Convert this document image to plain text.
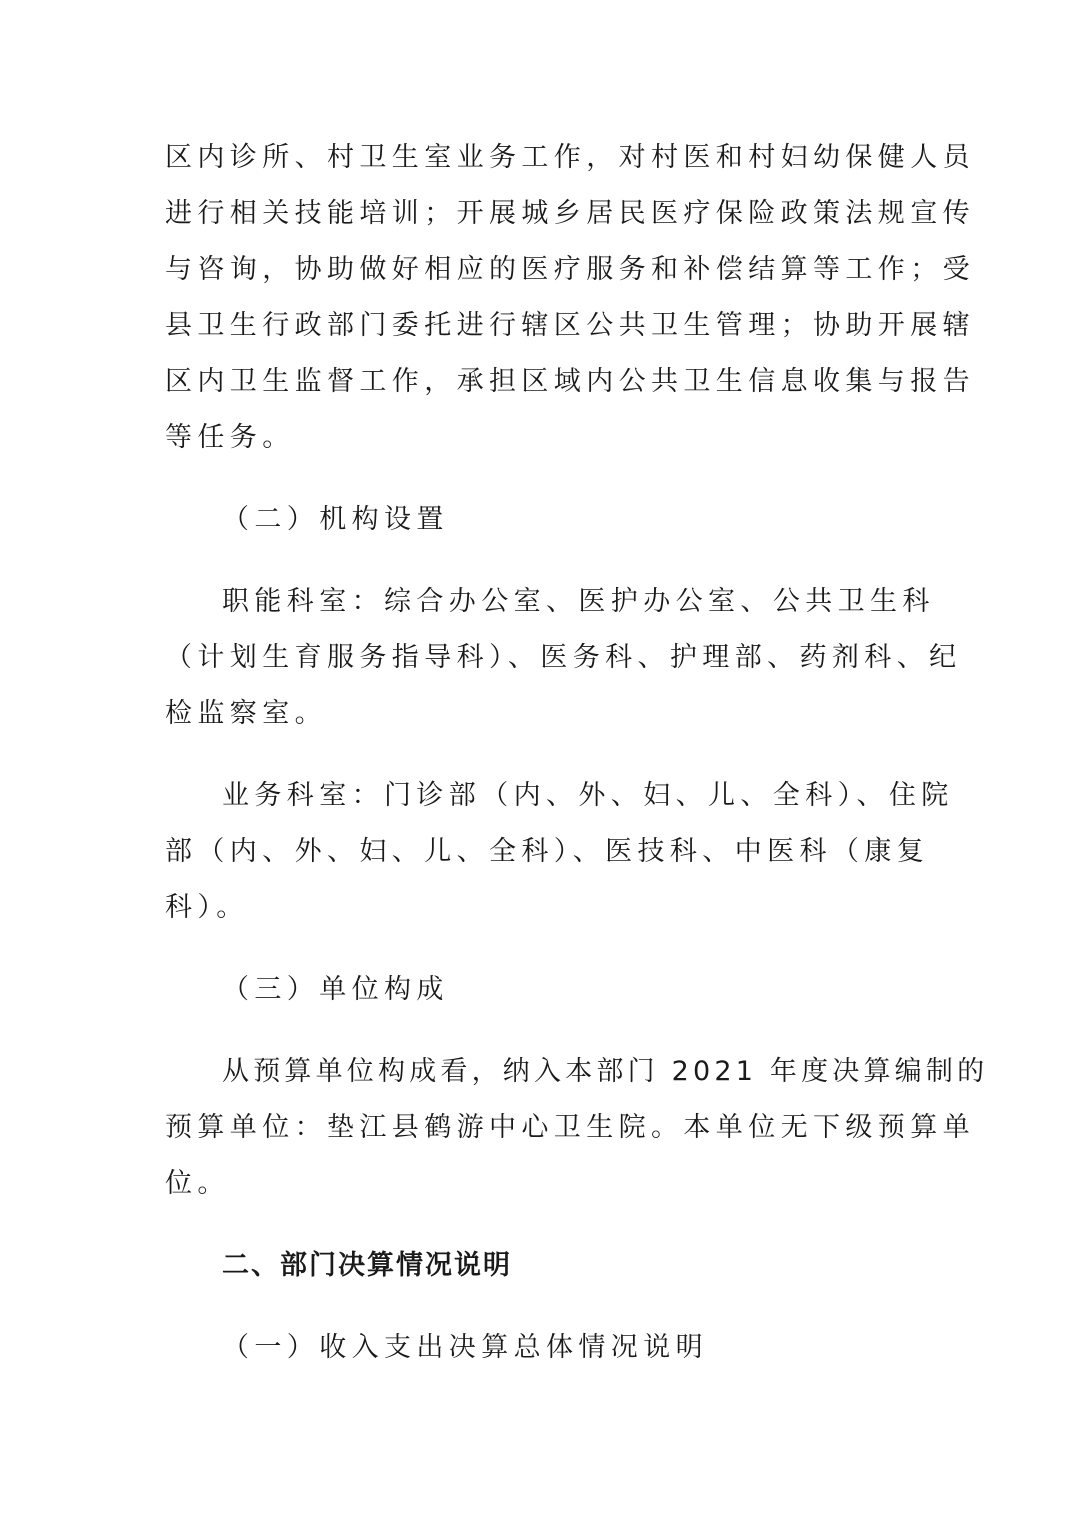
区内诊所、村卫生室业务工作，对村医和村妇幼保健人员
进行相关技能培训；开展城乡居民医疗保险政策法规宣传
与咨询，协助做好相应的医疗服务和补偿结算等工作；受
县卫生行政部门委托进行辖区公共卫生管理；协助开展辖
区内卫生监督工作，承担区域内公共卫生信息收集与报告
等任务。
（二）机构设置
职能科室：综合办公室、医护办公室、公共卫生科
（计划生育服务指导科）、医务科、护理部、药剂科、纪
检监察室。
业务科室：门诊部（内、外、妇、儿、全科）、住院
部（内、外、妇、儿、全科）、医技科、中医科（康复
科）。
（三）单位构成
从预算单位构成看，纳入本部门 2021 年度决算编制的
预算单位：垫江县鹤游中心卫生院。本单位无下级预算单
位。
二、部门决算情况说明
（一）收入支出决算总体情况说明
